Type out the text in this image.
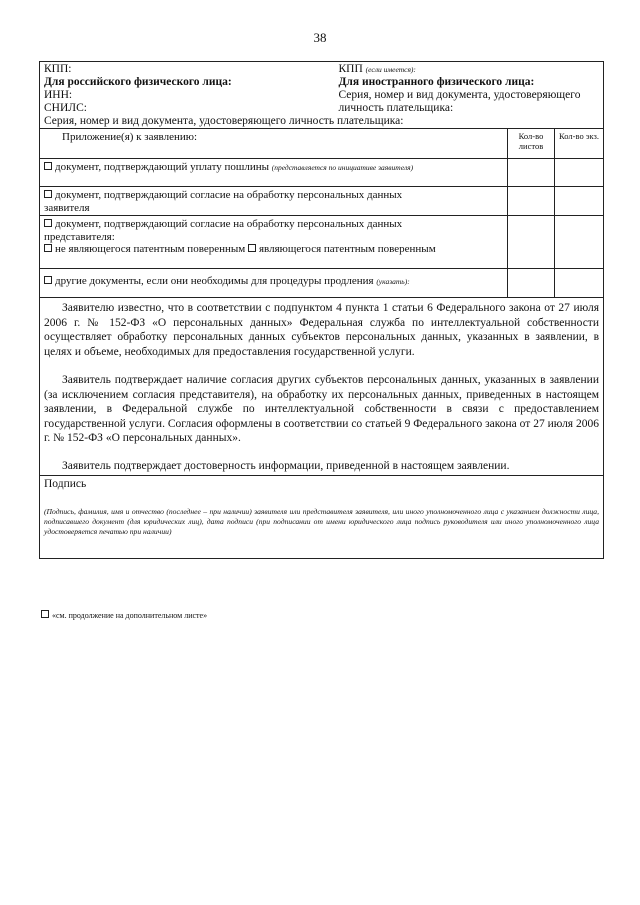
38
КПП:	КПП (если имеется):
Для российского физического лица:
ИНН:
СНИЛС:
Для иностранного физического лица:
Серия, номер и вид документа, удостоверяющего личность плательщика:
Серия, номер и вид документа, удостоверяющего личность плательщика:
Приложение(я) к заявлению:	Кол-во листов
Кол-во экз.
документ, подтверждающий уплату пошлины (представляется по инициативе заявителя)
документ, подтверждающий согласие на обработку персональных данных заявителя
документ, подтверждающий согласие на обработку персональных данных представителя:
не являющегося патентным поверенным являющегося патентным поверенным
другие документы, если они необходимы для процедуры продления (указать):
Заявителю известно, что в соответствии с подпунктом 4 пункта 1 статьи 6 Федерального закона от 27 июля 2006 г. № 152-ФЗ «О персональных данных» Федеральная служба по интеллектуальной собственности осуществляет обработку персональных данных субъектов персональных данных, указанных в заявлении, в целях и объеме, необходимых для предоставления государственной услуги.
Заявитель подтверждает наличие согласия других субъектов персональных данных, указанных в заявлении (за исключением согласия представителя), на обработку их персональных данных, приведенных в настоящем заявлении, в Федеральной службе по интеллектуальной собственности в связи с предоставлением государственной услуги. Согласия оформлены в соответствии со статьей 9 Федерального закона от 27 июля 2006 г. № 152-ФЗ «О персональных данных».
Заявитель подтверждает достоверность информации, приведенной в настоящем заявлении.
Подпись
(Подпись, фамилия, имя и отчество (последнее – при наличии) заявителя или представителя заявителя, или иного уполномоченного лица с указанием должности лица, подписавшего документ (для юридических лиц), дата подписи (при подписании от имени юридического лица подпись руководителя или иного уполномоченного лица удостоверяется печатью при наличии)
«см. продолжение на дополнительном листе»
